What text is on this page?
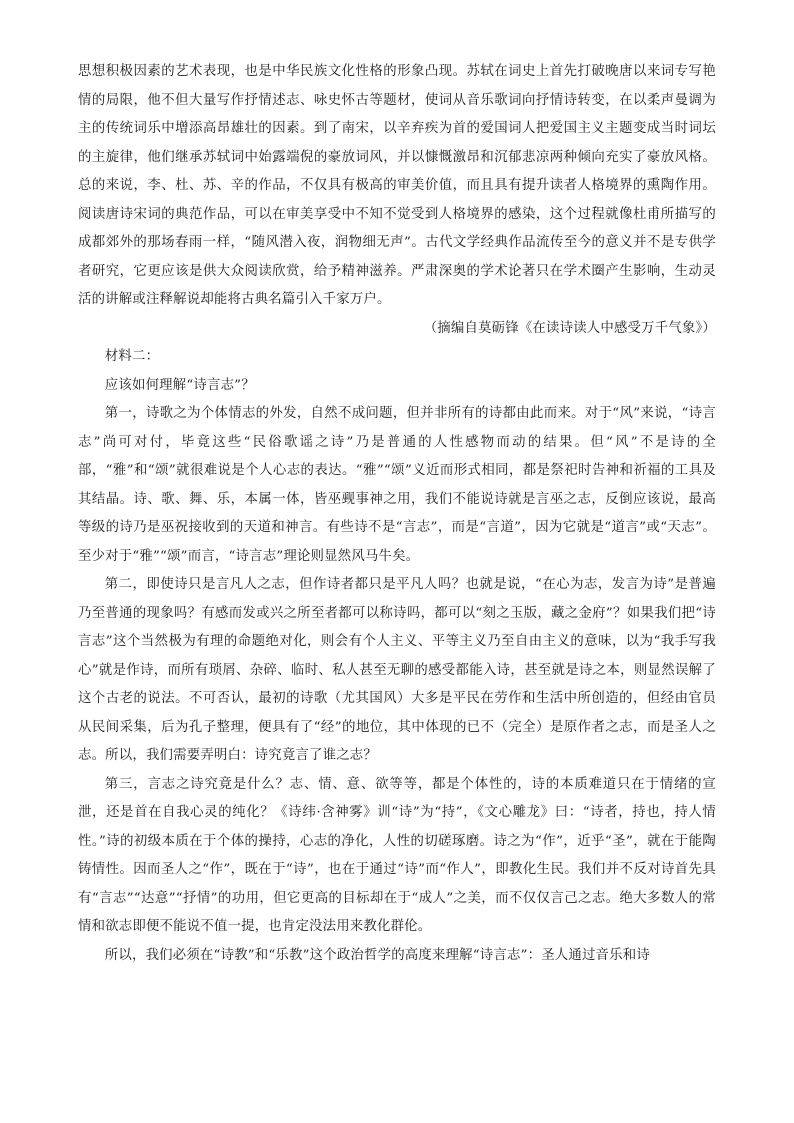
思想积极因素的艺术表现，也是中华民族文化性格的形象凸现。苏轼在词史上首先打破晚唐以来词专写艳情的局限，他不但大量写作抒情述志、咏史怀古等题材，使词从音乐歌词向抒情诗转变，在以柔声曼调为主的传统词乐中增添高昂雄壮的因素。到了南宋，以辛弃疾为首的爱国词人把爱国主义主题变成当时词坛的主旋律，他们继承苏轼词中始露端倪的豪放词风，并以慷慨激昂和沉郁悲凉两种倾向充实了豪放风格。总的来说，李、杜、苏、辛的作品，不仅具有极高的审美价值，而且具有提升读者人格境界的熏陶作用。阅读唐诗宋词的典范作品，可以在审美享受中不知不觉受到人格境界的感染，这个过程就像杜甫所描写的成都郊外的那场春雨一样，“随风潜入夜，润物细无声”。古代文学经典作品流传至今的意义并不是专供学者研究，它更应该是供大众阅读欣赏，给予精神滋养。严肃深奥的学术论著只在学术圈产生影响，生动灵活的讲解或注释解说却能将古典名篇引入千家万户。

（摘编自莫砺锋《在读诗读人中感受万千气象》）

材料二：

应该如何理解“诗言志”？

第一，诗歌之为个体情志的外发，自然不成问题，但并非所有的诗都由此而来。对于“风”来说，“诗言志”尚可对付，毕竟这些“民俗歌谣之诗”乃是普通的人性感物而动的结果。但“风”不是诗的全部，“雅”和“颂”就很难说是个人心志的表达。“雅”“颂”义近而形式相同，都是祭祀时告神和祈福的工具及其结晶。诗、歌、舞、乐，本属一体，皆巫觋事神之用，我们不能说诗就是言巫之志，反倒应该说，最高等级的诗乃是巫祝接收到的天道和神言。有些诗不是“言志”，而是“言道”，因为它就是“道言”或“天志”。至少对于“雅”“颂”而言，“诗言志”理论则显然风马牛矣。

第二，即使诗只是言凡人之志，但作诗者都只是平凡人吗？也就是说，“在心为志，发言为诗”是普遍乃至普通的现象吗？有感而发或兴之所至者都可以称诗吗，都可以“刻之玉版，藏之金府”？如果我们把“诗言志”这个当然极为有理的命题绝对化，则会有个人主义、平等主义乃至自由主义的意味，以为“我手写我心”就是作诗，而所有琐屑、杂碎、临时、私人甚至无聊的感受都能入诗，甚至就是诗之本，则显然误解了这个古老的说法。不可否认，最初的诗歌（尤其国风）大多是平民在劳作和生活中所创造的，但经由官员从民间采集，后为孔子整理，便具有了“经”的地位，其中体现的已不（完全）是原作者之志，而是圣人之志。所以，我们需要弄明白：诗究竟言了谁之志？

第三，言志之诗究竟是什么？志、情、意、欲等等，都是个体性的，诗的本质难道只在于情绪的宣泄，还是首在自我心灵的纯化？《诗纬·含神雾》训“诗”为“持”，《文心雕龙》曰：“诗者，持也，持人情性。”诗的初级本质在于个体的操持，心志的净化，人性的切磋琢磨。诗之为“作”，近乎“圣”，就在于能陶铸情性。因而圣人之“作”，既在于“诗”，也在于通过“诗”而“作人”，即教化生民。我们并不反对诗首先具有“言志”“达意”“抒情”的功用，但它更高的目标却在于“成人”之美，而不仅仅言己之志。绝大多数人的常情和欲志即便不能说不值一提，也肯定没法用来教化群伦。

所以，我们必须在“诗教”和“乐教”这个政治哲学的高度来理解“诗言志”：圣人通过音乐和诗
